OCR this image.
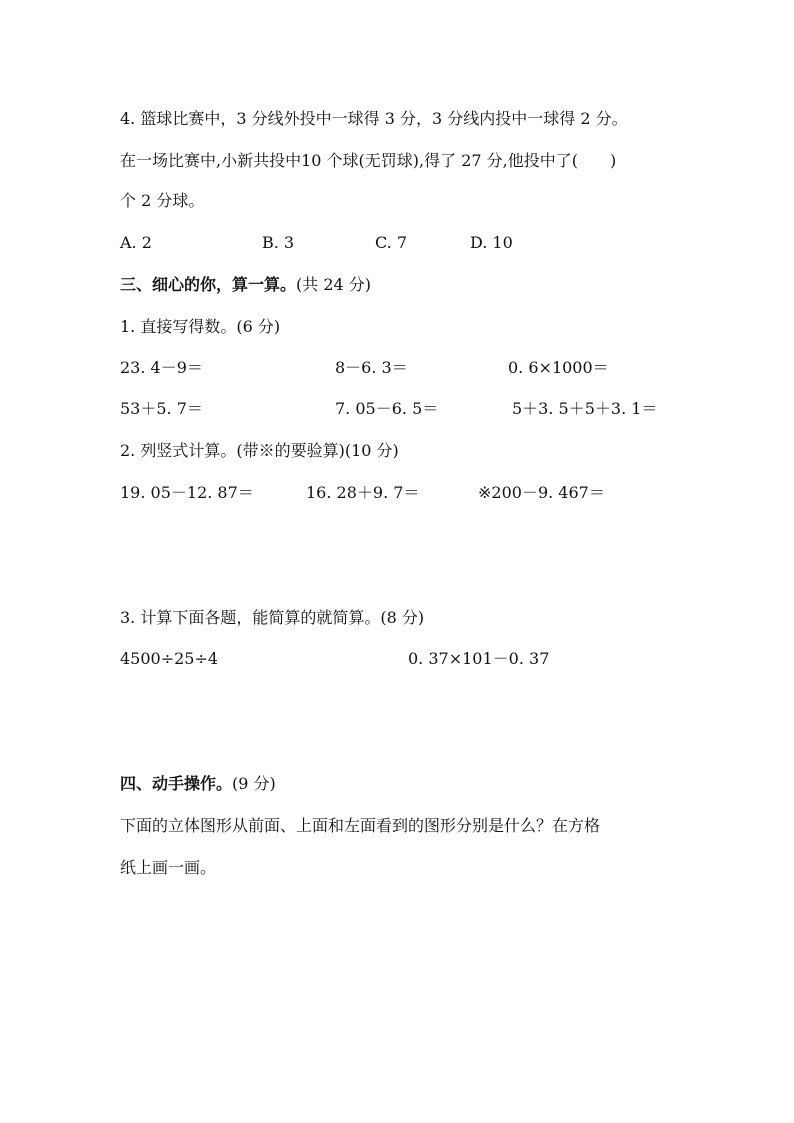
4. 篮球比赛中，3 分线外投中一球得 3 分，3 分线内投中一球得 2 分。
在一场比赛中,小新共投中10 个球(无罚球),得了 27 分,他投中了(　　)
个 2 分球。
A. 2	B. 3	C. 7	D. 10
三、细心的你，算一算。(共 24 分)
1. 直接写得数。(6 分)
23. 4－9＝	8－6. 3＝	0. 6×1000＝
53＋5. 7＝	7. 05－6. 5＝	5＋3. 5＋5＋3. 1＝
2. 列竖式计算。(带※的要验算)(10 分)
19. 05－12. 87＝	16. 28＋9. 7＝	※200－9. 467＝
3. 计算下面各题，能简算的就简算。(8 分)
4500÷25÷4	0. 37×101－0. 37
四、动手操作。(9 分)
下面的立体图形从前面、上面和左面看到的图形分别是什么？在方格
纸上画一画。
